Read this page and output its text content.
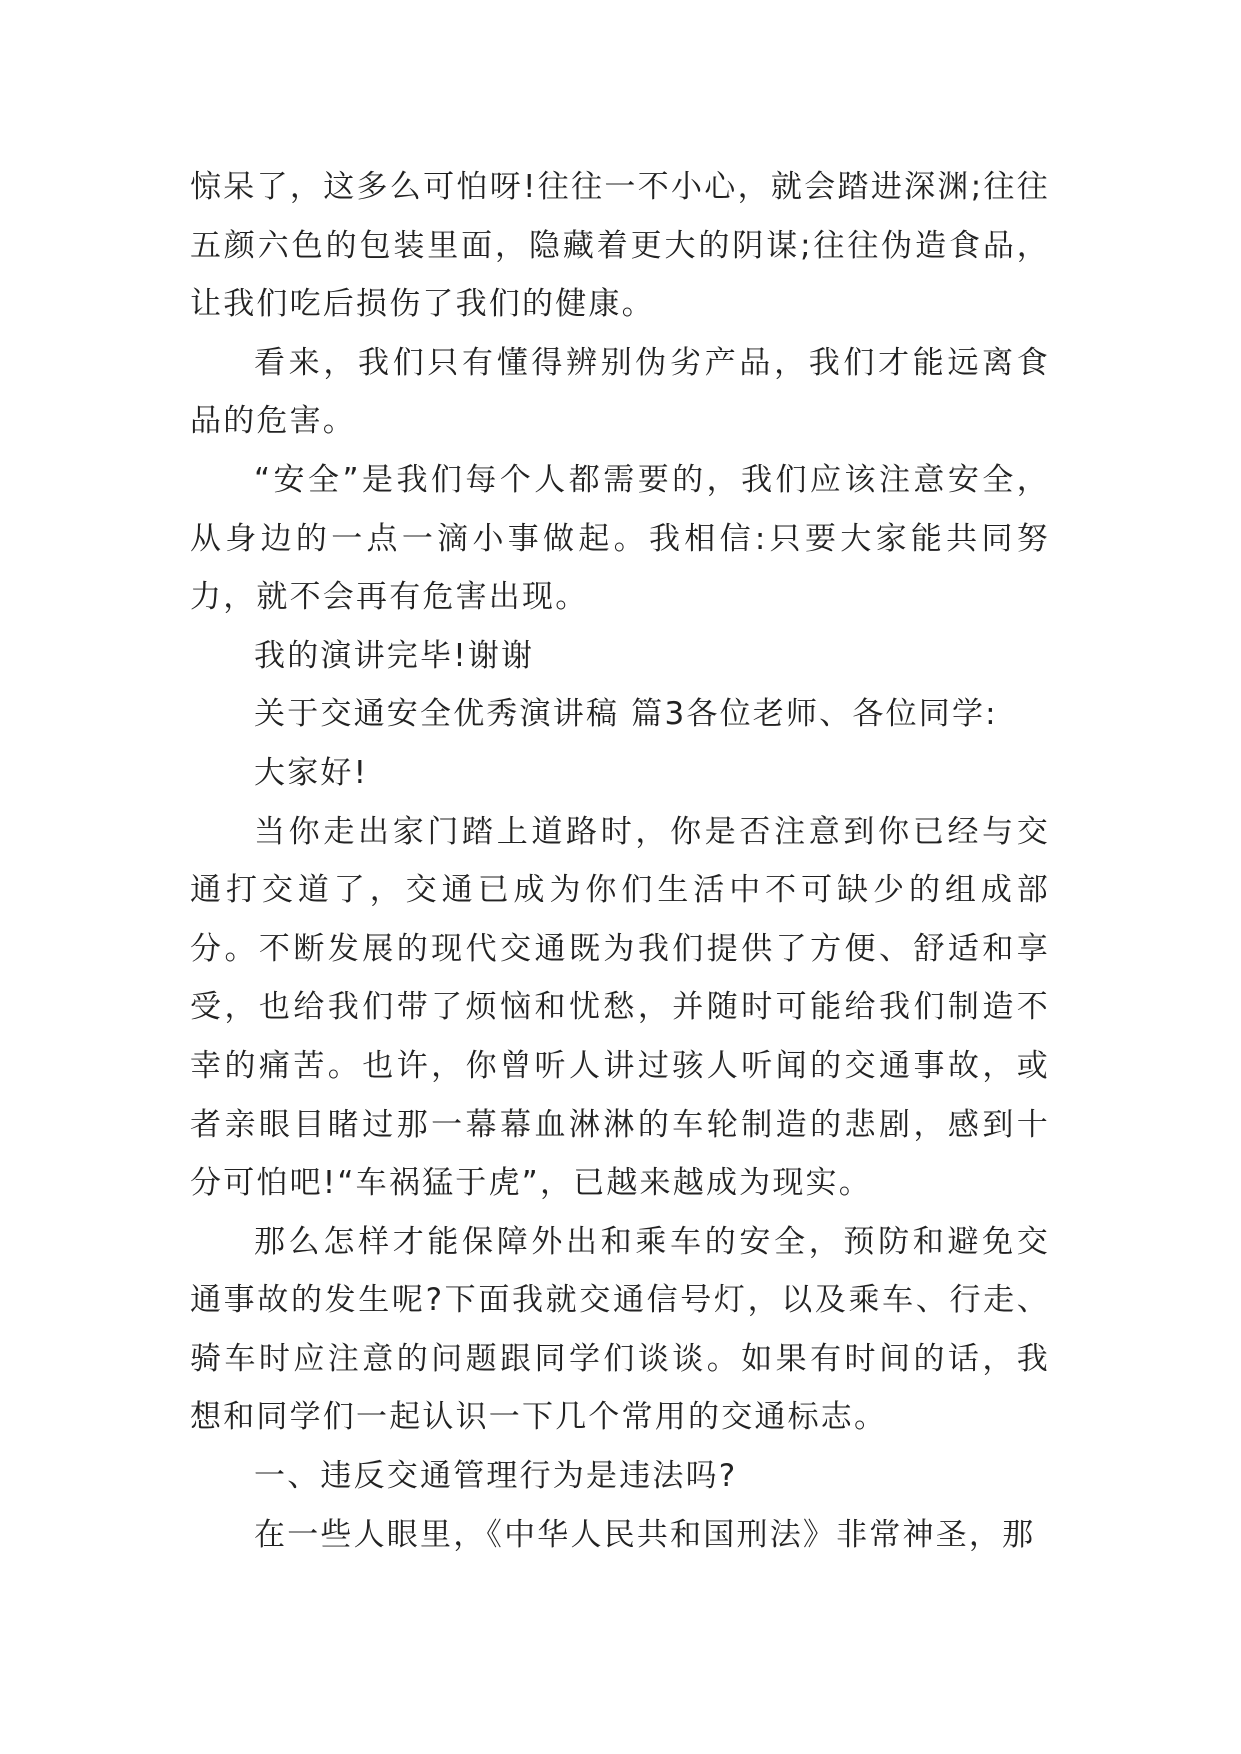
惊呆了，这多么可怕呀!往往一不小心，就会踏进深渊;往往五颜六色的包装里面，隐藏着更大的阴谋;往往伪造食品，让我们吃后损伤了我们的健康。

看来，我们只有懂得辨别伪劣产品，我们才能远离食品的危害。

“安全”是我们每个人都需要的，我们应该注意安全，从身边的一点一滴小事做起。我相信:只要大家能共同努力，就不会再有危害出现。

我的演讲完毕!谢谢

关于交通安全优秀演讲稿 篇3各位老师、各位同学:

大家好!

当你走出家门踏上道路时，你是否注意到你已经与交通打交道了，交通已成为你们生活中不可缺少的组成部分。不断发展的现代交通既为我们提供了方便、舒适和享受，也给我们带了烦恼和忧愁，并随时可能给我们制造不幸的痛苦。也许，你曾听人讲过骇人听闻的交通事故，或者亲眼目睹过那一幕幕血淋淋的车轮制造的悲剧，感到十分可怕吧!“车祸猛于虎”，已越来越成为现实。

那么怎样才能保障外出和乘车的安全，预防和避免交通事故的发生呢?下面我就交通信号灯，以及乘车、行走、骑车时应注意的问题跟同学们谈谈。如果有时间的话，我想和同学们一起认识一下几个常用的交通标志。

一、违反交通管理行为是违法吗?

在一些人眼里，《中华人民共和国刑法》非常神圣，那
